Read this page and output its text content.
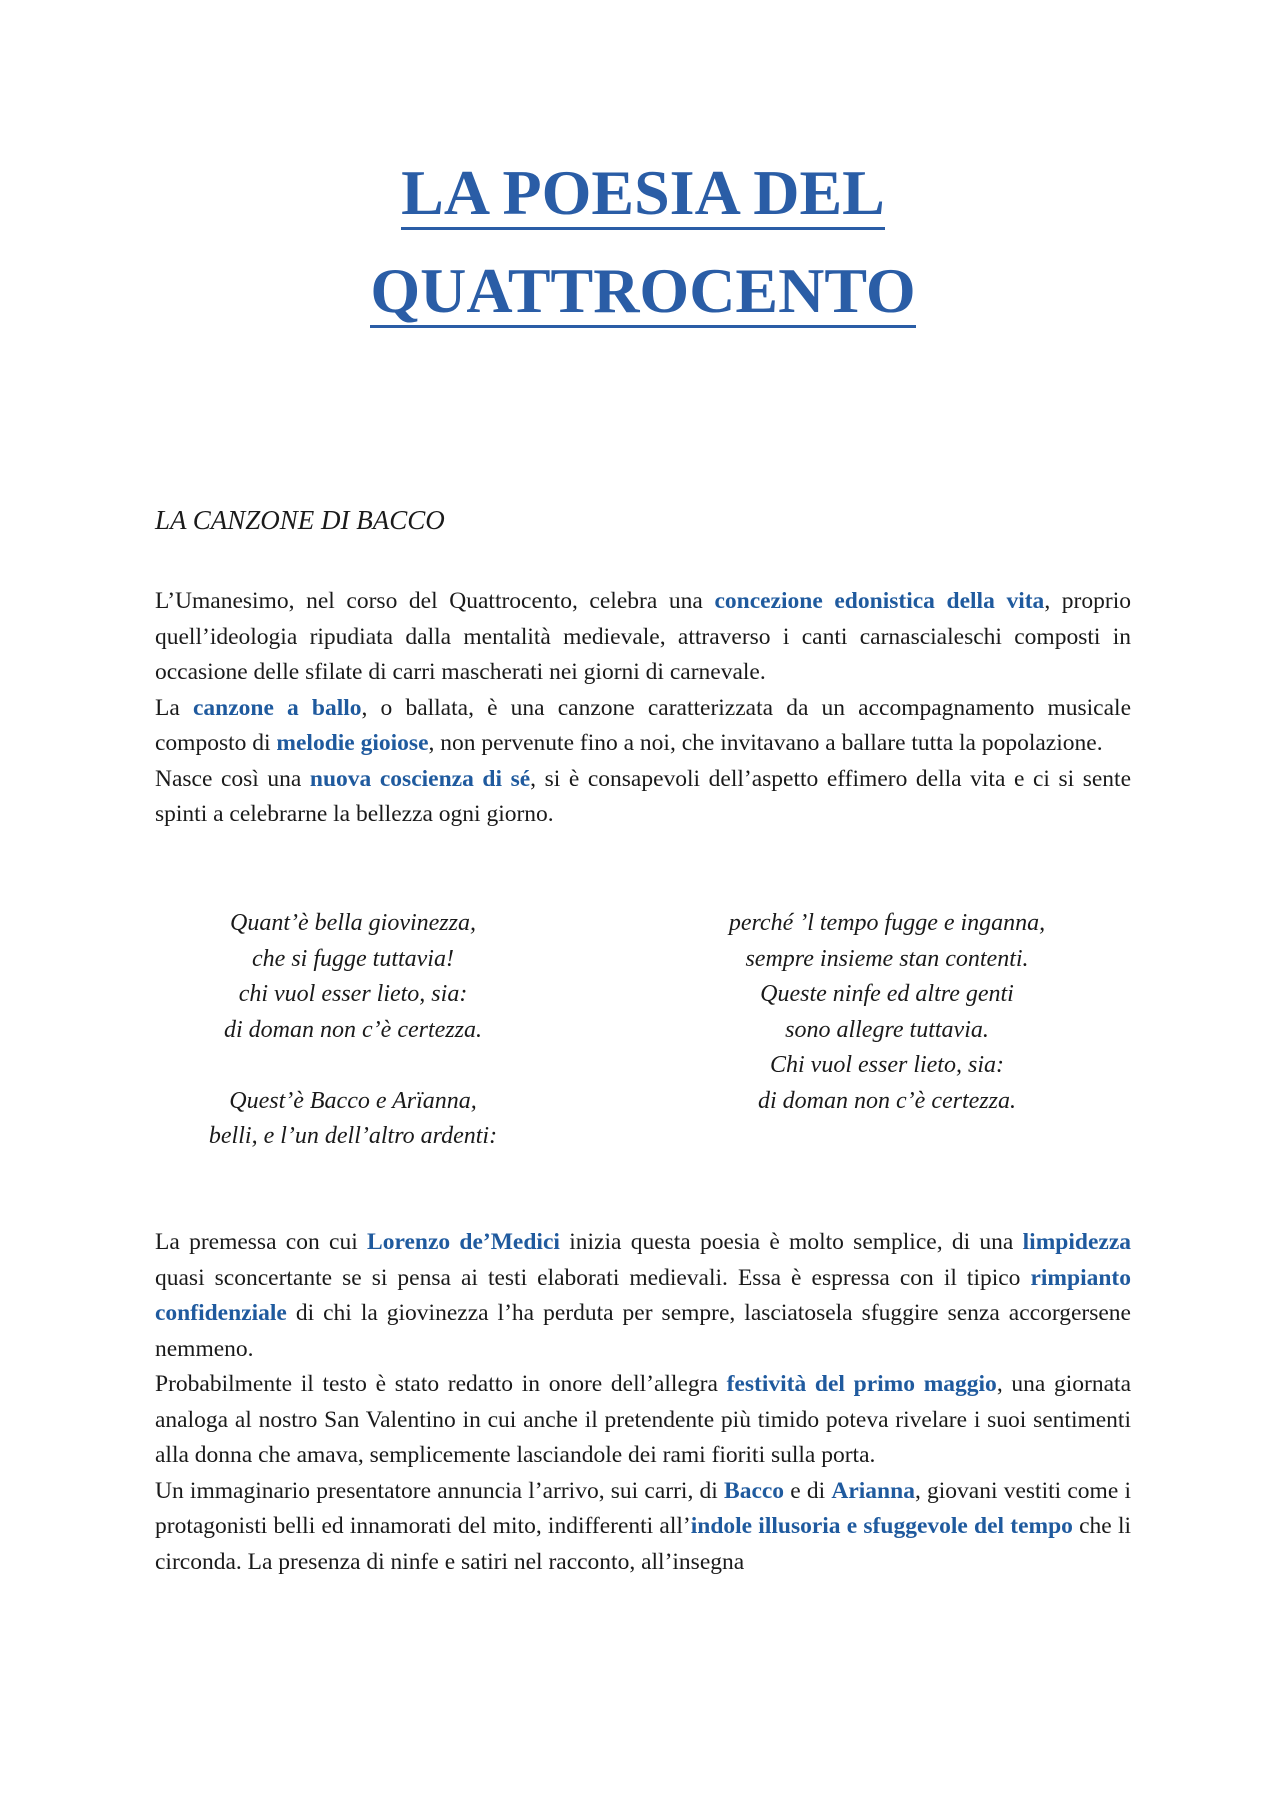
LA POESIA DEL
QUATTROCENTO
LA CANZONE DI BACCO

L’Umanesimo, nel corso del Quattrocento, celebra una concezione edonistica della vita, proprio quell’ideologia ripudiata dalla mentalità medievale, attraverso i canti carnascialeschi composti in occasione delle sfilate di carri mascherati nei giorni di carnevale.

La canzone a ballo, o ballata, è una canzone caratterizzata da un accompagnamento musicale composto di melodie gioiose, non pervenute fino a noi, che invitavano a ballare tutta la popolazione.

Nasce così una nuova coscienza di sé, si è consapevoli dell’aspetto effimero della vita e ci si sente spinti a celebrarne la bellezza ogni giorno.

Quant’è bella giovinezza,
che si fugge tuttavia!
chi vuol esser lieto, sia:
di doman non c’è certezza.
Quest’è Bacco e Arïanna,
belli, e l’un dell’altro ardenti:
perché ’l tempo fugge e inganna,
sempre insieme stan contenti.
Queste ninfe ed altre genti
sono allegre tuttavia.
Chi vuol esser lieto, sia:
di doman non c’è certezza.

La premessa con cui Lorenzo de’Medici inizia questa poesia è molto semplice, di una limpidezza quasi sconcertante se si pensa ai testi elaborati medievali. Essa è espressa con il tipico rimpianto confidenziale di chi la giovinezza l’ha perduta per sempre, lasciatosela sfuggire senza accorgersene nemmeno.

Probabilmente il testo è stato redatto in onore dell’allegra festività del primo maggio, una giornata analoga al nostro San Valentino in cui anche il pretendente più timido poteva rivelare i suoi sentimenti alla donna che amava, semplicemente lasciandole dei rami fioriti sulla porta.

Un immaginario presentatore annuncia l’arrivo, sui carri, di Bacco e di Arianna, giovani vestiti come i protagonisti belli ed innamorati del mito, indifferenti all’indole illusoria e sfuggevole del tempo che li circonda. La presenza di ninfe e satiri nel racconto, all’insegna
